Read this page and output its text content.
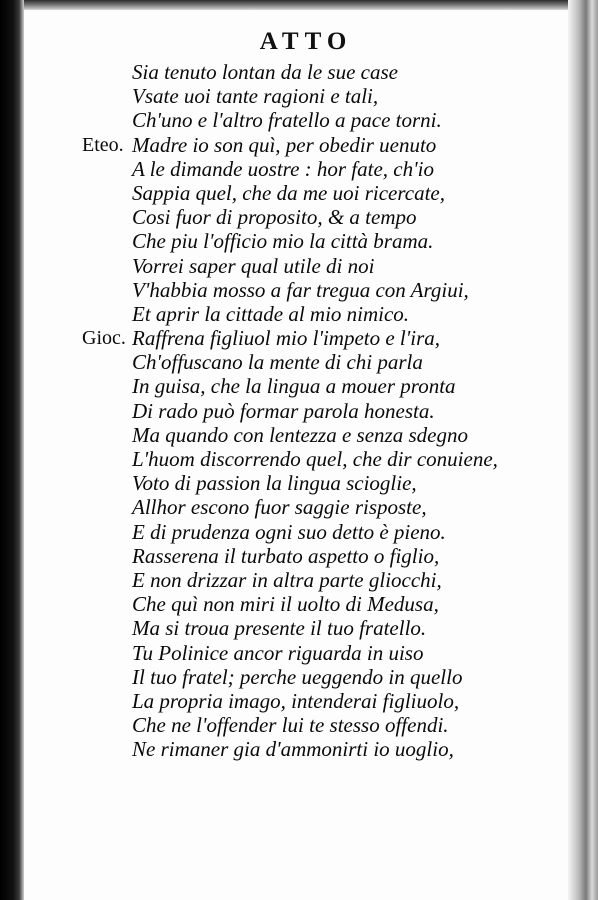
ATTO
Sia tenuto lontan da le sue case
Vsate uoi tante ragioni e tali,
Ch'uno e l'altro fratello a pace torni.
Eteo. Madre io son quì, per obedir uenuto
A le dimande uostre : hor fate, ch'io
Sappia quel, che da me uoi ricercate,
Cosi fuor di proposito, & a tempo
Che piu l'officio mio la città brama.
Vorrei saper qual utile di noi
V'habbia mosso a far tregua con Argiui,
Et aprir la cittade al mio nimico.
Gioc. Raffrena figliuol mio l'impeto e l'ira,
Ch'offuscano la mente di chi parla
In guisa, che la lingua a mouer pronta
Di rado può formar parola honesta.
Ma quando con lentezza e senza sdegno
L'huom discorrendo quel, che dir conuiene,
Voto di passion la lingua scioglie,
Allhor escono fuor saggie risposte,
E di prudenza ogni suo detto è pieno.
Rasserena il turbato aspetto o figlio,
E non drizzar in altra parte gliocchi,
Che quì non miri il uolto di Medusa,
Ma si troua presente il tuo fratello.
Tu Polinice ancor riguarda in uiso
Il tuo fratel; perche ueggendo in quello
La propria imago, intenderai figliuolo,
Che ne l'offender lui te stesso offendi.
Ne rimaner gia d'ammonirti io uoglio,
